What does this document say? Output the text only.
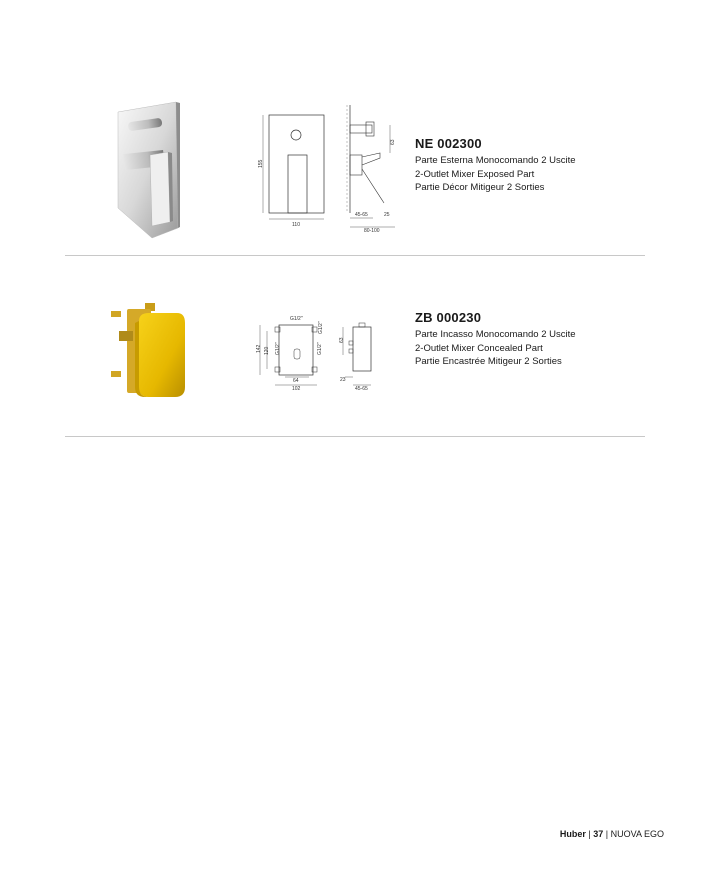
155
110
63
45-65	25
80-100

NE 002300

Parte Esterna Monocomando 2 Uscite

2-Outlet Mixer Exposed Part

Partie Décor Mitigeur 2 Sorties

G1/2"
G1/2"
G1/2"	G1/2"
142 120
64
102
63
23
45-65

ZB 000230

Parte Incasso Monocomando 2 Uscite

2-Outlet Mixer Concealed Part

Partie Encastrée Mitigeur 2 Sorties

Huber | 37 | NUOVA EGO
